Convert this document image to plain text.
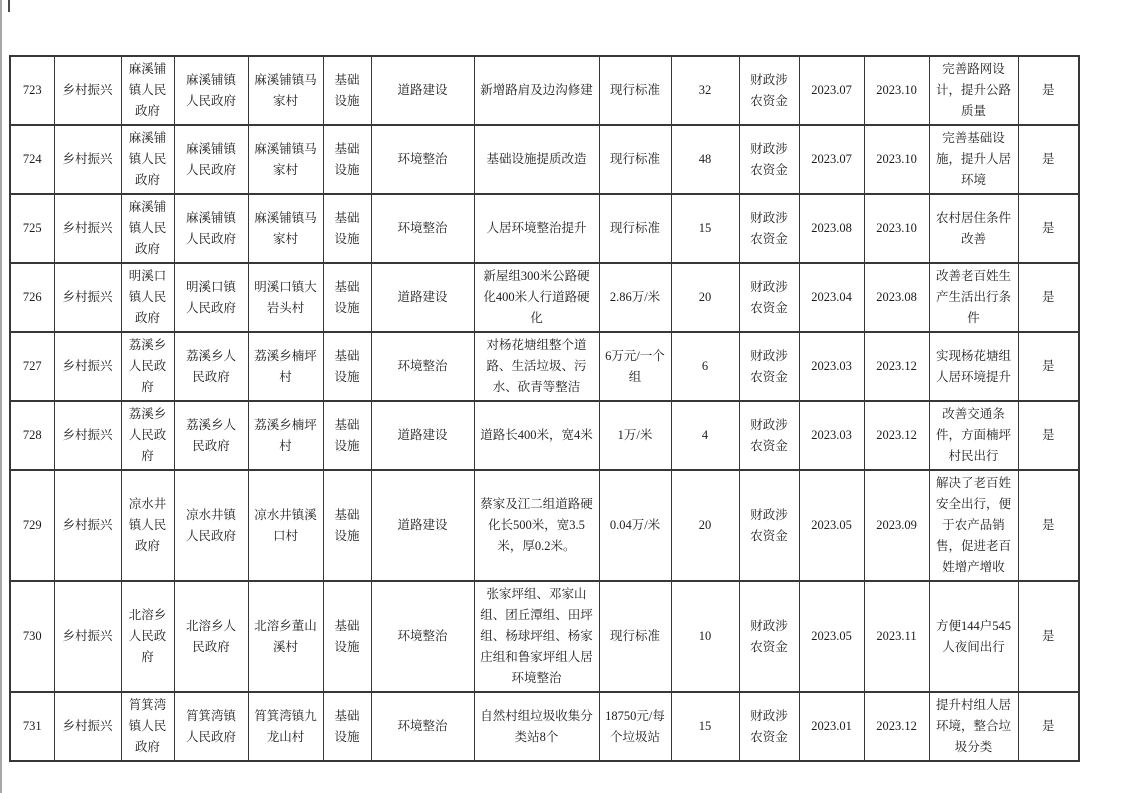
723	乡村振兴	麻溪铺镇人民政府	麻溪铺镇人民政府	麻溪铺镇马家村	基础设施	道路建设	新增路肩及边沟修建	现行标准	32	财政涉农资金	2023.07	2023.10	完善路网设计，提升公路质量	是
724	乡村振兴	麻溪铺镇人民政府	麻溪铺镇人民政府	麻溪铺镇马家村	基础设施	环境整治	基础设施提质改造	现行标准	48	财政涉农资金	2023.07	2023.10	完善基础设施，提升人居环境	是
725	乡村振兴	麻溪铺镇人民政府	麻溪铺镇人民政府	麻溪铺镇马家村	基础设施	环境整治	人居环境整治提升	现行标准	15	财政涉农资金	2023.08	2023.10	农村居住条件改善	是
726	乡村振兴	明溪口镇人民政府	明溪口镇人民政府	明溪口镇大岩头村	基础设施	道路建设	新屋组300米公路硬化400米人行道路硬化	2.86万/米	20	财政涉农资金	2023.04	2023.08	改善老百姓生产生活出行条件	是
727	乡村振兴	荔溪乡人民政府	荔溪乡人民政府	荔溪乡楠坪村	基础设施	环境整治	对杨花塘组整个道路、生活垃圾、污水、砍青等整洁	6万元/一个组	6	财政涉农资金	2023.03	2023.12	实现杨花塘组人居环境提升	是
728	乡村振兴	荔溪乡人民政府	荔溪乡人民政府	荔溪乡楠坪村	基础设施	道路建设	道路长400米，宽4米	1万/米	4	财政涉农资金	2023.03	2023.12	改善交通条件，方面楠坪村民出行	是
729	乡村振兴	凉水井镇人民政府	凉水井镇人民政府	凉水井镇溪口村	基础设施	道路建设	蔡家及江二组道路硬化长500米，宽3.5米，厚0.2米。	0.04万/米	20	财政涉农资金	2023.05	2023.09	解决了老百姓安全出行，便于农产品销售，促进老百姓增产增收	是
730	乡村振兴	北溶乡人民政府	北溶乡人民政府	北溶乡董山溪村	基础设施	环境整治	张家坪组、邓家山组、团丘潭组、田坪组、杨球坪组、杨家庄组和鲁家坪组人居环境整治	现行标准	10	财政涉农资金	2023.05	2023.11	方便144户545人夜间出行	是
731	乡村振兴	筲箕湾镇人民政府	筲箕湾镇人民政府	筲箕湾镇九龙山村	基础设施	环境整治	自然村组垃圾收集分类站8个	18750元/每个垃圾站	15	财政涉农资金	2023.01	2023.12	提升村组人居环境，整合垃圾分类	是
